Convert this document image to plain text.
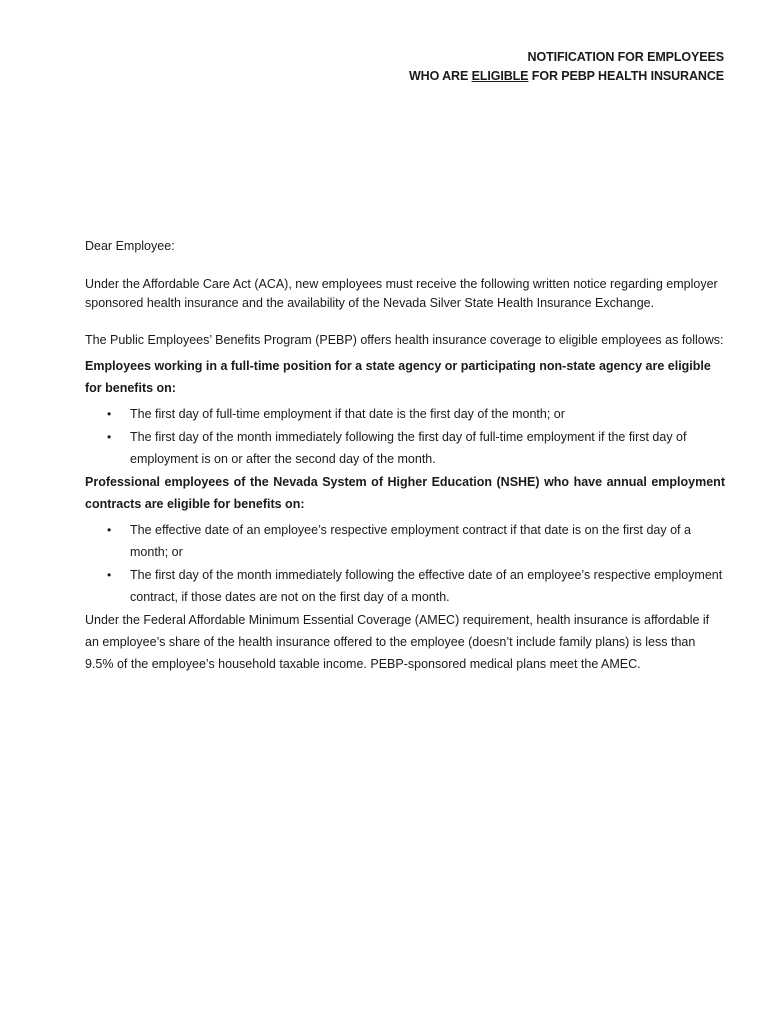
NOTIFICATION FOR EMPLOYEES
WHO ARE ELIGIBLE FOR PEBP HEALTH INSURANCE

Dear Employee:

Under the Affordable Care Act (ACA), new employees must receive the following written notice regarding employer sponsored health insurance and the availability of the Nevada Silver State Health Insurance Exchange.

The Public Employees’ Benefits Program (PEBP) offers health insurance coverage to eligible employees as follows:

Employees working in a full-time position for a state agency or participating non-state agency are eligible for benefits on:

• The first day of full-time employment if that date is the first day of the month; or
• The first day of the month immediately following the first day of full-time employment if the first day of employment is on or after the second day of the month.

Professional employees of the Nevada System of Higher Education (NSHE) who have annual employment contracts are eligible for benefits on:

• The effective date of an employee’s respective employment contract if that date is on the first day of a month; or
• The first day of the month immediately following the effective date of an employee’s respective employment contract, if those dates are not on the first day of a month.

Under the Federal Affordable Minimum Essential Coverage (AMEC) requirement, health insurance is affordable if an employee’s share of the health insurance offered to the employee (doesn’t include family plans) is less than 9.5% of the employee’s household taxable income. PEBP-sponsored medical plans meet the AMEC.
